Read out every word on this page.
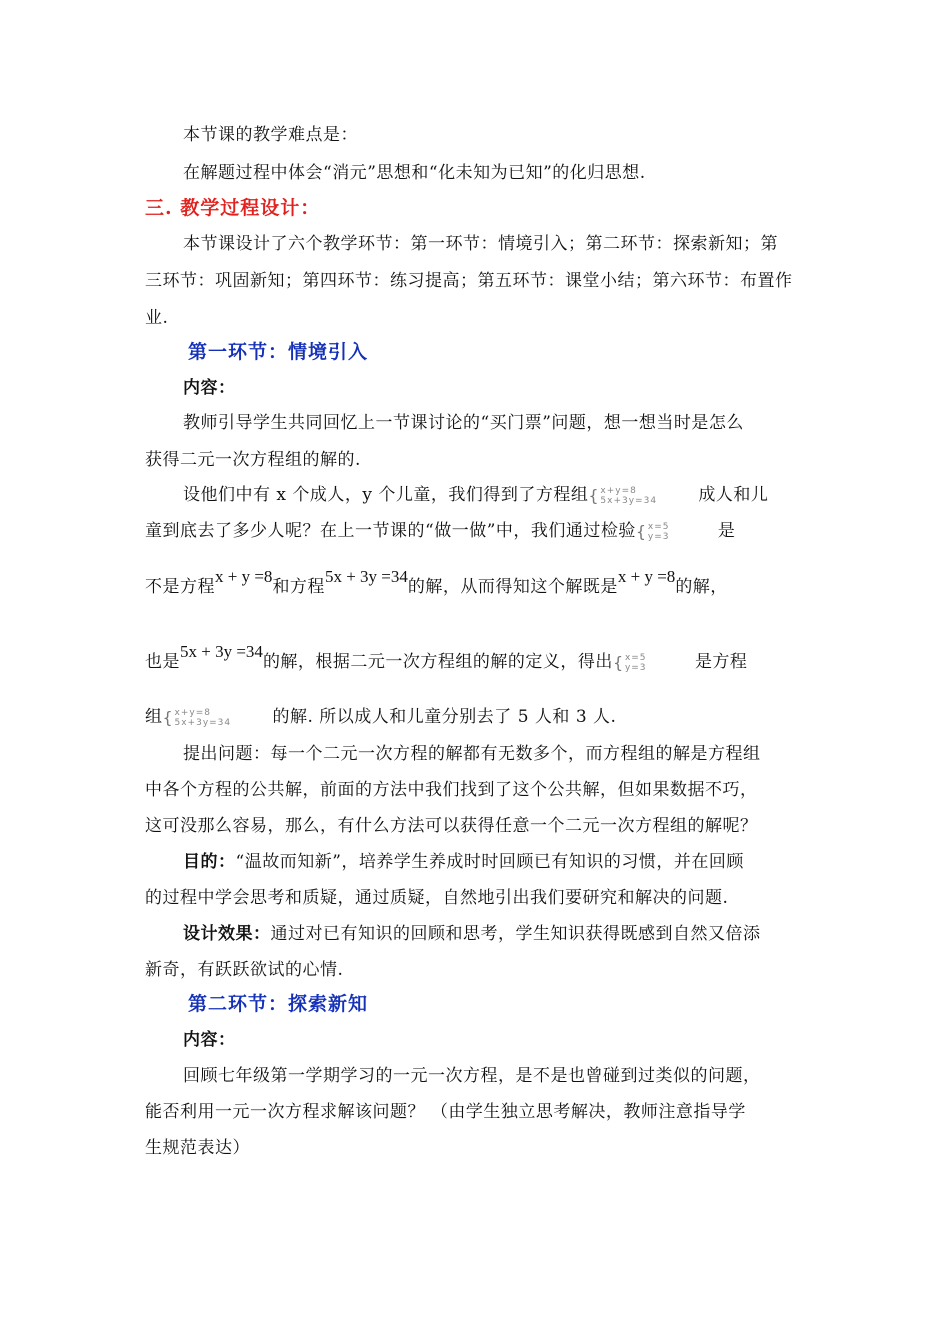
本节课的教学难点是：
在解题过程中体会“消元”思想和“化未知为已知”的化归思想.
三. 教学过程设计：
本节课设计了六个教学环节：第一环节：情境引入；第二环节：探索新知；第
三环节：巩固新知；第四环节：练习提高；第五环节：课堂小结；第六环节：布置作
业.
第一环节：情境引入
内容：
教师引导学生共同回忆上一节课讨论的“买门票”问题，想一想当时是怎么
获得二元一次方程组的解的.
设他们中有 x 个成人，y 个儿童，我们得到了方程组 { x+y=8
5x+3y=34 成人和儿
童到底去了多少人呢？在上一节课的“做一做”中，我们通过检验 { x=5
y=3	是
不是方程x + y =8和方程5x + 3y =34的解，从而得知这个解既是x + y =8的解，
也是5x + 3y =34的解，根据二元一次方程组的解的定义，得出 { x=5
y=3	是方程
组 { x+y=8
5x+3y=34 的解. 所以成人和儿童分别去了 5 人和 3 人.
提出问题：每一个二元一次方程的解都有无数多个，而方程组的解是方程组
中各个方程的公共解，前面的方法中我们找到了这个公共解，但如果数据不巧，
这可没那么容易，那么，有什么方法可以获得任意一个二元一次方程组的解呢？
目的：“温故而知新”，培养学生养成时时回顾已有知识的习惯，并在回顾
的过程中学会思考和质疑，通过质疑，自然地引出我们要研究和解决的问题.
设计效果：通过对已有知识的回顾和思考，学生知识获得既感到自然又倍添
新奇，有跃跃欲试的心情.
第二环节：探索新知
内容：
回顾七年级第一学期学习的一元一次方程，是不是也曾碰到过类似的问题，
能否利用一元一次方程求解该问题？ （由学生独立思考解决，教师注意指导学
生规范表达）
